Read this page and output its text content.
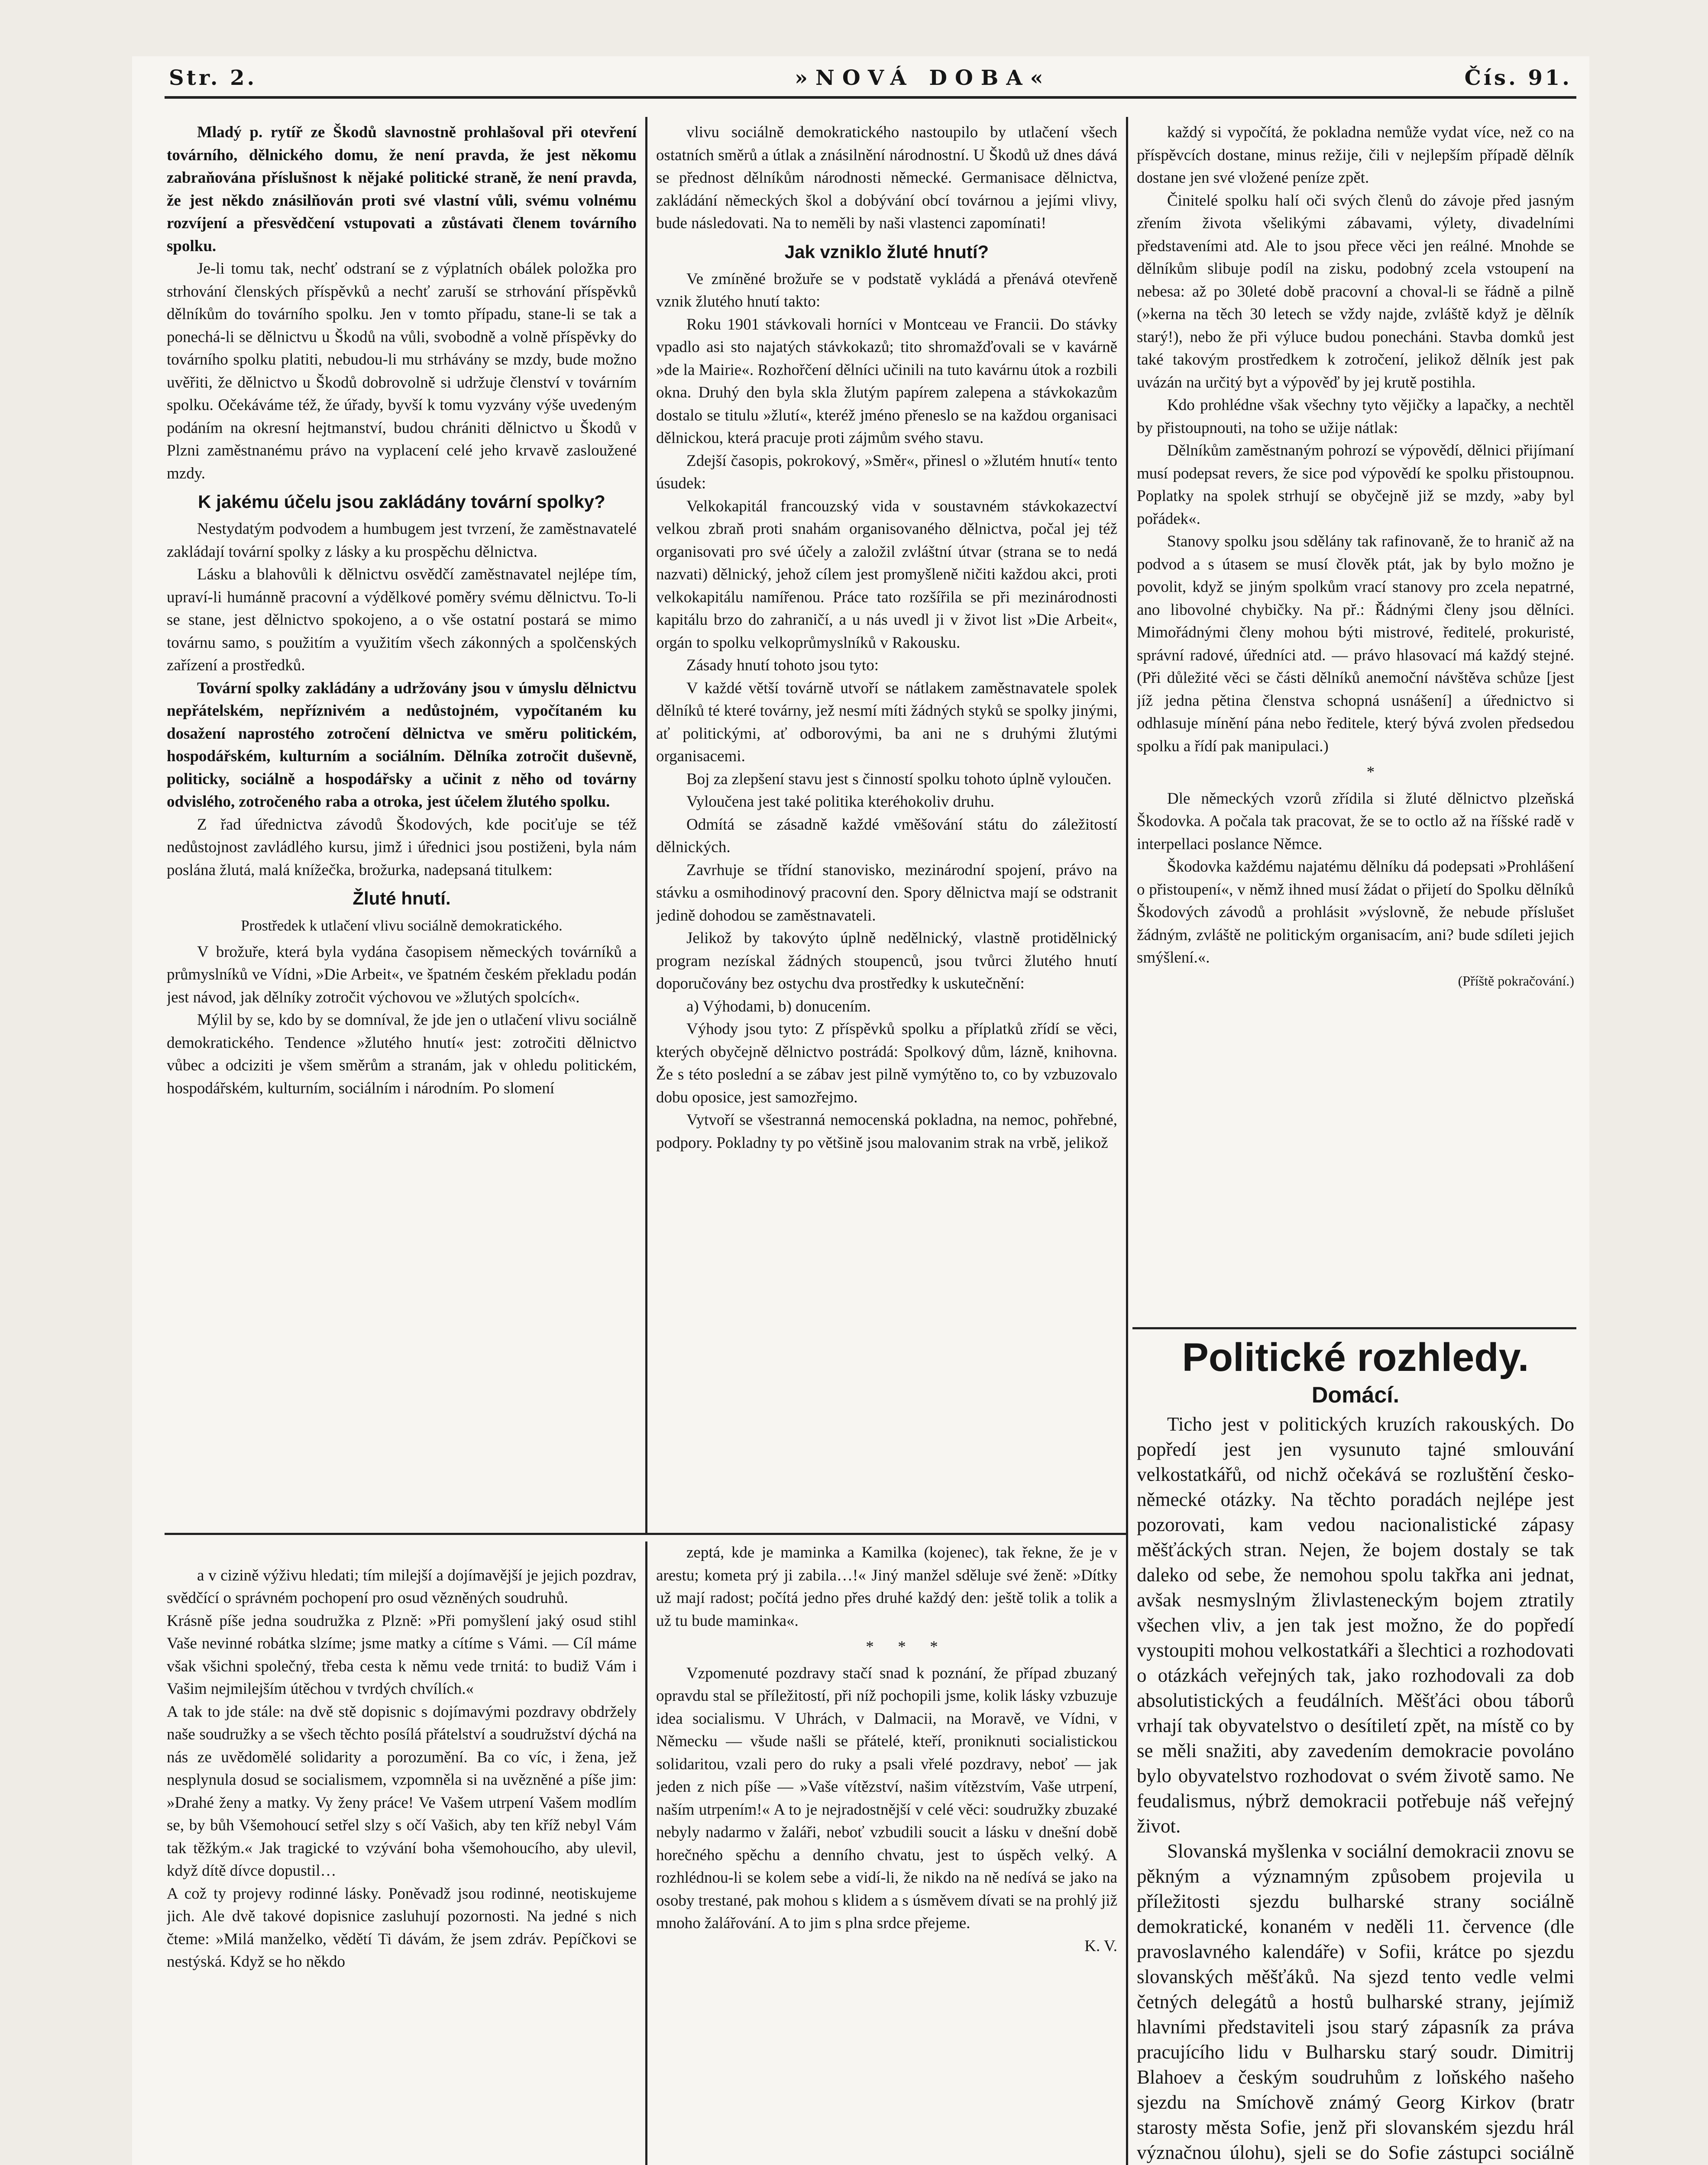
Str. 2.	»NOVÁ DOBA«	Čís. 91.

Mladý p. rytíř ze Škodů slavnostně prohlašoval při otevření továrního, dělnického domu, že není pravda, že jest někomu zabraňována příslušnost k nějaké politické straně, že není pravda, že jest někdo znásilňován proti své vlastní vůli, svému volnému rozvíjení a přesvědčení vstupovati a zůstávati členem továrního spolku.

Je-li tomu tak, nechť odstraní se z výplatních obálek položka pro strhování členských příspěvků a nechť zaruší se strhování příspěvků dělníkům do továrního spolku. Jen v tomto případu, stane-li se tak a ponechá-li se dělnictvu u Škodů na vůli, svobodně a volně příspěvky do továrního spolku platiti, nebudou-li mu strhávány se mzdy, bude možno uvěřiti, že dělnictvo u Škodů dobrovolně si udržuje členství v továrním spolku. Očekáváme též, že úřady, byvší k tomu vyzvány výše uvedeným podáním na okresní hejtmanství, budou chrániti dělnictvo u Škodů v Plzni zaměstnanému právo na vyplacení celé jeho krvavě zasloužené mzdy.

K jakému účelu jsou zakládány tovární spolky?

Nestydatým podvodem a humbugem jest tvrzení, že zaměstnavatelé zakládají tovární spolky z lásky a ku prospěchu dělnictva.

Lásku a blahovůli k dělnictvu osvědčí zaměstnavatel nejlépe tím, upraví-li humánně pracovní a výdělkové poměry svému dělnictvu. To-li se stane, jest dělnictvo spokojeno, a o vše ostatní postará se mimo továrnu samo, s použitím a využitím všech zákonných a spolčenských zařízení a prostředků.

Tovární spolky zakládány a udržovány jsou v úmyslu dělnictvu nepřátelském, nepříznivém a nedůstojném, vypočítaném ku dosažení naprostého zotročení dělnictva ve směru politickém, hospodářském, kulturním a sociálním. Dělníka zotročit duševně, politicky, sociálně a hospodářsky a učinit z něho od továrny odvislého, zotročeného raba a otroka, jest účelem žlutého spolku.

Z řad úřednictva závodů Škodových, kde pociťuje se též nedůstojnost zavládlého kursu, jimž i úřednici jsou postiženi, byla nám poslána žlutá, malá knížečka, brožurka, nadepsaná titulkem:

Žluté hnutí.

Prostředek k utlačení vlivu sociálně demokratického.

V brožuře, která byla vydána časopisem německých továrníků a průmyslníků ve Vídni, »Die Arbeit«, ve špatném českém překladu podán jest návod, jak dělníky zotročit výchovou ve »žlutých spolcích«.

Mýlil by se, kdo by se domníval, že jde jen o utlačení vlivu sociálně demokratického. Tendence »žlutého hnutí« jest: zotročiti dělnictvo vůbec a odciziti je všem směrům a stranám, jak v ohledu politickém, hospodářském, kulturním, sociálním i národním. Po slomení

vlivu sociálně demokratického nastoupilo by utlačení všech ostatních směrů a útlak a znásilnění národnostní. U Škodů už dnes dává se přednost dělníkům národnosti německé. Germanisace dělnictva, zakládání německých škol a dobývání obcí továrnou a jejími vlivy, bude následovati. Na to neměli by naši vlastenci zapomínati!

Jak vzniklo žluté hnutí?

Ve zmíněné brožuře se v podstatě vykládá a přenává otevřeně vznik žlutého hnutí takto:

Roku 1901 stávkovali horníci v Montceau ve Francii. Do stávky vpadlo asi sto najatých stávkokazů; tito shromažďovali se v kavárně »de la Mairie«. Rozhořčení dělníci učinili na tuto kavárnu útok a rozbili okna. Druhý den byla skla žlutým papírem zalepena a stávkokazům dostalo se titulu »žlutí«, kteréž jméno přeneslo se na každou organisaci dělnickou, která pracuje proti zájmům svého stavu.

Zdejší časopis, pokrokový, »Směr«, přinesl o »žlutém hnutí« tento úsudek:

Velkokapitál francouzský vida v soustavném stávkokazectví velkou zbraň proti snahám organisovaného dělnictva, počal jej též organisovati pro své účely a založil zvláštní útvar (strana se to nedá nazvati) dělnický, jehož cílem jest promyšleně ničiti každou akci, proti velkokapitálu namířenou. Práce tato rozšířila se při mezinárodnosti kapitálu brzo do zahraničí, a u nás uvedl ji v život list »Die Arbeit«, orgán to spolku velkoprůmyslníků v Rakousku.

Zásady hnutí tohoto jsou tyto:

V každé větší továrně utvoří se nátlakem zaměstnavatele spolek dělníků té které továrny, jež nesmí míti žádných styků se spolky jinými, ať politickými, ať odborovými, ba ani ne s druhými žlutými organisacemi.

Boj za zlepšení stavu jest s činností spolku tohoto úplně vyloučen.

Vyloučena jest také politika kteréhokoliv druhu.

Odmítá se zásadně každé vměšování státu do záležitostí dělnických.

Zavrhuje se třídní stanovisko, mezinárodní spojení, právo na stávku a osmihodinový pracovní den. Spory dělnictva mají se odstranit jedině dohodou se zaměstnavateli.

Jelikož by takovýto úplně nedělnický, vlastně protidělnický program nezískal žádných stoupenců, jsou tvůrci žlutého hnutí doporučovány bez ostychu dva prostředky k uskutečnění:

a) Výhodami, b) donucením.

Výhody jsou tyto: Z příspěvků spolku a příplatků zřídí se věci, kterých obyčejně dělnictvo postrádá: Spolkový dům, lázně, knihovna. Že s této poslední a se zábav jest pilně vymýtěno to, co by vzbuzovalo dobu oposice, jest samozřejmo.

Vytvoří se všestranná nemocenská pokladna, na nemoc, pohřebné, podpory. Pokladny ty po většině jsou malovanim strak na vrbě, jelikož

každý si vypočítá, že pokladna nemůže vydat více, než co na příspěvcích dostane, minus režije, čili v nejlepším případě dělník dostane jen své vložené peníze zpět.

Činitelé spolku halí oči svých členů do závoje před jasným zřením života všelikými zábavami, výlety, divadelními představeními atd. Ale to jsou přece věci jen reálné. Mnohde se dělníkům slibuje podíl na zisku, podobný zcela vstoupení na nebesa: až po 30leté době pracovní a choval-li se řádně a pilně (»kerna na těch 30 letech se vždy najde, zvláště když je dělník starý!), nebo že při výluce budou ponecháni. Stavba domků jest také takovým prostředkem k zotročení, jelikož dělník jest pak uvázán na určitý byt a výpověď by jej krutě postihla.

Kdo prohlédne však všechny tyto vějičky a lapačky, a nechtěl by přistoupnouti, na toho se užije nátlak:

Dělníkům zaměstnaným pohrozí se výpovědí, dělnici přijímaní musí podepsat revers, že sice pod výpovědí ke spolku přistoupnou. Poplatky na spolek strhují se obyčejně již se mzdy, »aby byl pořádek«.

Stanovy spolku jsou sdělány tak rafinovaně, že to hranič až na podvod a s útasem se musí člověk ptát, jak by bylo možno je povolit, když se jiným spolkům vrací stanovy pro zcela nepatrné, ano libovolné chybičky. Na př.: Řádnými členy jsou dělníci. Mimořádnými členy mohou býti mistrové, ředitelé, prokuristé, správní radové, úředníci atd. — právo hlasovací má každý stejné. (Při důležité věci se části dělníků anemoční návštěva schůze [jest jíž jedna pětina členstva schopná usnášení] a úřednictvo si odhlasuje mínění pána nebo ředitele, který bývá zvolen předsedou spolku a řídí pak manipulaci.)

*

Dle německých vzorů zřídila si žluté dělnictvo plzeňská Škodovka. A počala tak pracovat, že se to octlo až na říšské radě v interpellaci poslance Němce.

Škodovka každému najatému dělníku dá podepsati »Prohlášení o přistoupení«, v němž ihned musí žádat o přijetí do Spolku dělníků Škodových závodů a prohlásit »výslovně, že nebude příslušet žádným, zvláště ne politickým organisacím, ani? bude sdíleti jejich smýšlení.«.

(Příště pokračování.)

Politické rozhledy.
Domácí.

Ticho jest v politických kruzích rakouských. Do popředí jest jen vysunuto tajné smlouvání velkostatkářů, od nichž očekává se rozluštění česko-německé otázky. Na těchto poradách nejlépe jest pozorovati, kam vedou nacionalistické zápasy měšťáckých stran. Nejen, že bojem dostaly se tak daleko od sebe, že nemohou spolu takřka ani jednat, avšak nesmyslným žlivlasteneckým bojem ztratily všechen vliv, a jen tak jest možno, že do popředí vystoupiti mohou velkostatkáři a šlechtici a rozhodovati o otázkách veřejných tak, jako rozhodovali za dob absolutistických a feudálních. Měšťáci obou táborů vrhají tak obyvatelstvo o desítiletí zpět, na místě co by se měli snažiti, aby zavedením demokracie povoláno bylo obyvatelstvo rozhodovat o svém životě samo. Ne feudalismus, nýbrž demokracii potřebuje náš veřejný život.

Slovanská myšlenka v sociální demokracii znovu se pěkným a významným způsobem projevila u příležitosti sjezdu bulharské strany sociálně demokratické, konaném v neděli 11. července (dle pravoslavného kalendáře) v Sofii, krátce po sjezdu slovanských měšťáků. Na sjezd tento vedle velmi četných delegátů a hostů bulharské strany, jejímiž hlavními představiteli jsou starý zápasník za práva pracujícího lidu v Bulharsku starý soudr. Dimitrij Blahoev a českým soudruhům z loňského našeho sjezdu na Smíchově známý Georg Kirkov (bratr starosty města Sofie, jenž při slovanském sjezdu hrál význačnou úlohu), sjeli se do Sofie zástupci sociálně

a v cizině výživu hledati; tím milejší a dojímavější je jejich pozdrav, svědčící o správném pochopení pro osud vězněných soudruhů.
Krásně píše jedna soudružka z Plzně: »Při pomyšlení jaký osud stihl Vaše nevinné robátka slzíme; jsme matky a cítíme s Vámi. — Cíl máme však všichni společný, třeba cesta k němu vede trnitá: to budiž Vám i Vašim nejmilejším útěchou v tvrdých chvílích.«
A tak to jde stále: na dvě stě dopisnic s dojímavými pozdravy obdržely naše soudružky a se všech těchto posílá přátelství a soudružství dýchá na nás ze uvědomělé solidarity a porozumění. Ba co víc, i žena, jež nesplynula dosud se socialismem, vzpomněla si na uvězněné a píše jim: »Drahé ženy a matky. Vy ženy práce! Ve Vašem utrpení Vašem modlím se, by bůh Všemohoucí setřel slzy s očí Vašich, aby ten kříž nebyl Vám tak těžkým.« Jak tragické to vzývání boha všemohoucího, aby ulevil, když dítě dívce dopustil…
A což ty projevy rodinné lásky. Poněvadž jsou rodinné, neotiskujeme jich. Ale dvě takové dopisnice zasluhují pozornosti. Na jedné s nich čteme: »Milá manželko, vědětí Ti dávám, že jsem zdráv. Pepíčkovi se nestýská. Když se ho někdo

zeptá, kde je maminka a Kamilka (kojenec), tak řekne, že je v arestu; kometa prý ji zabila…!« Jiný manžel sděluje své ženě: »Dítky už mají radost; počítá jedno přes druhé každý den: ještě tolik a tolik a už tu bude maminka«.

*      *      *

Vzpomenuté pozdravy stačí snad k poznání, že případ zbuzaný opravdu stal se příležitostí, při níž pochopili jsme, kolik lásky vzbuzuje idea socialismu. V Uhrách, v Dalmacii, na Moravě, ve Vídni, v Německu — všude našli se přátelé, kteří, proniknuti socialistickou solidaritou, vzali pero do ruky a psali vřelé pozdravy, neboť — jak jeden z nich píše — »Vaše vítězství, našim vítězstvím, Vaše utrpení, naším utrpením!« A to je nejradostnější v celé věci: soudružky zbuzaké nebyly nadarmo v žaláři, neboť vzbudili soucit a lásku v dnešní době horečného spěchu a denního chvatu, jest to úspěch velký. A rozhlédnou-li se kolem sebe a vidí-li, že nikdo na ně nedívá se jako na osoby trestané, pak mohou s klidem a s úsměvem dívati se na prohlý již mnoho žalářování. A to jim s plna srdce přejeme.

K. V.
